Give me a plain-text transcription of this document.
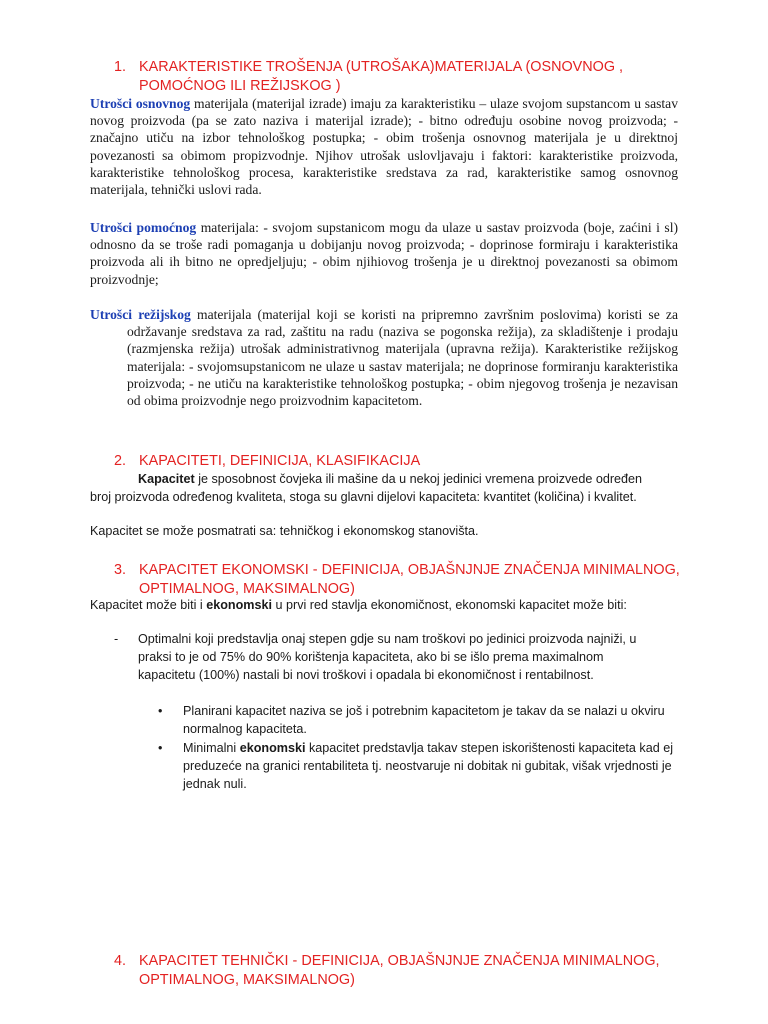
1. KARAKTERISTIKE TROŠENJA (UTROŠAKA)MATERIJALA (OSNOVNOG , POMOĆNOG ILI REŽIJSKOG )

Utrošci osnovnog materijala (materijal izrade) imaju za karakteristiku – ulaze svojom supstancom u sastav novog proizvoda (pa se zato naziva i materijal izrade); - bitno određuju osobine novog proizvoda; - značajno utiču na izbor tehnološkog postupka; - obim trošenja osnovnog materijala je u direktnoj povezanosti sa obimom propizvodnje. Njihov utrošak uslovljavaju i faktori: karakteristike proizvoda, karakteristike tehnološkog procesa, karakteristike sredstava za rad, karakteristike samog osnovnog materijala, tehnički uslovi rada.

Utrošci pomoćnog materijala: - svojom supstanicom mogu da ulaze u sastav proizvoda (boje, zaćini i sl) odnosno da se troše radi pomaganja u dobijanju novog proizvoda; - doprinose formiraju i karakteristika proizvoda ali ih bitno ne opredjeljuju; - obim njihiovog trošenja je u direktnoj povezanosti sa obimom proizvodnje;

Utrošci režijskog materijala (materijal koji se koristi na pripremno završnim poslovima) koristi se za održavanje sredstava za rad, zaštitu na radu (naziva se pogonska režija), za skladištenje i prodaju (razmjenska režija) utrošak administrativnog materijala (upravna režija). Karakteristike režijskog materijala: - svojomsupstanicom ne ulaze u sastav materijala; ne doprinose formiranju karakteristika proizvoda; - ne utiču na karakteristike tehnološkog postupka; - obim njegovog trošenja je nezavisan od obima proizvodnje nego proizvodnim kapacitetom.

2. KAPACITETI, DEFINICIJA, KLASIFIKACIJA

Kapacitet je sposobnost čovjeka ili mašine da u nekoj jedinici vremena proizvede određen broj proizvoda određenog kvaliteta, stoga su glavni dijelovi kapaciteta: kvantitet (količina) i kvalitet.

Kapacitet se može posmatrati sa: tehničkog i ekonomskog stanovišta.

3. KAPACITET EKONOMSKI - DEFINICIJA, OBJAŠNJNJE ZNAČENJA MINIMALNOG, OPTIMALNOG, MAKSIMALNOG)

Kapacitet može biti i ekonomski u prvi red stavlja ekonomičnost, ekonomski kapacitet može biti:

- Optimalni koji predstavlja onaj stepen gdje su nam troškovi po jedinici proizvoda najniži, u praksi to je od 75% do 90% korištenja kapaciteta, ako bi se išlo prema maximalnom kapacitetu (100%) nastali bi novi troškovi i opadala bi ekonomičnost i rentabilnost.
• Planirani kapacitet naziva se još i potrebnim kapacitetom je takav da se nalazi u okviru normalnog kapaciteta.
• Minimalni ekonomski kapacitet predstavlja takav stepen iskorištenosti kapaciteta kad ej preduzeće na granici rentabiliteta tj. neostvaruje ni dobitak ni gubitak, višak vrjednosti je jednak nuli.
4. KAPACITET TEHNIČKI - DEFINICIJA, OBJAŠNJNJE ZNAČENJA MINIMALNOG, OPTIMALNOG, MAKSIMALNOG)
